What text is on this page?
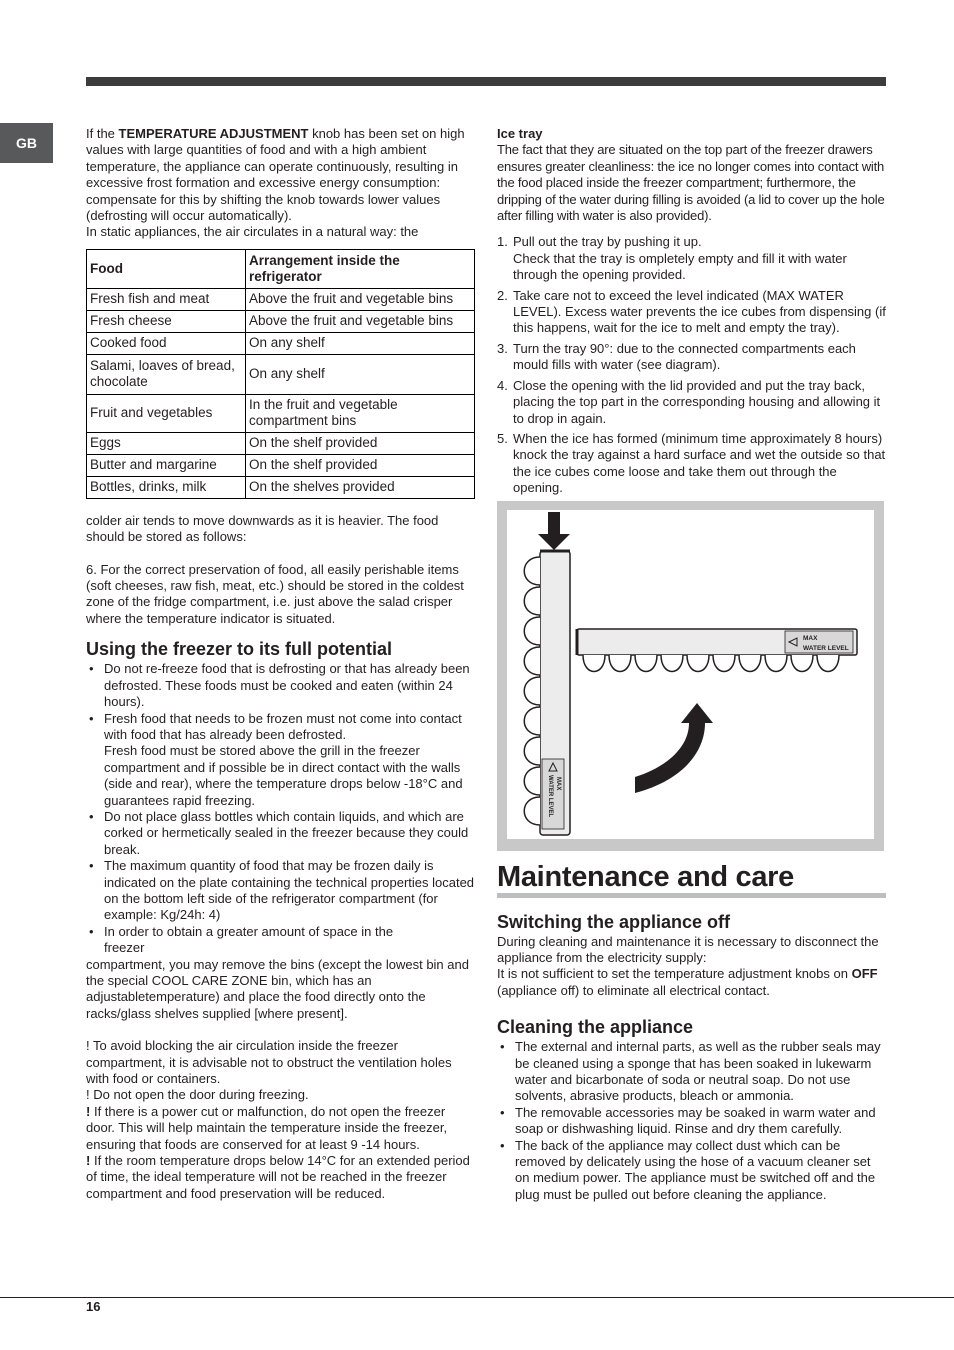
GB

If the TEMPERATURE ADJUSTMENT knob has been set on high values with large quantities of food and with a high ambient temperature, the appliance can operate continuously, resulting in excessive frost formation and excessive energy consumption: compensate for this by shifting the knob towards lower values (defrosting will occur automatically).

In static appliances, the air circulates in a natural way: the

Food	Arrangement inside the refrigerator
Fresh fish and meat	Above the fruit and vegetable bins
Fresh cheese	Above the fruit and vegetable bins
Cooked food	On any shelf
Salami, loaves of bread, chocolate	On any shelf
Fruit and vegetables	In the fruit and vegetable compartment bins
Eggs	On the shelf provided
Butter and margarine	On the shelf provided
Bottles, drinks, milk	On the shelves provided

colder air tends to move downwards as it is heavier. The food should be stored as follows:

6. For the correct preservation of food, all easily perishable items (soft cheeses, raw fish, meat, etc.) should be stored in the coldest zone of the fridge compartment, i.e. just above the salad crisper where the temperature indicator is situated.

Using the freezer to its full potential
• Do not re-freeze food that is defrosting or that has already been defrosted. These foods must be cooked and eaten (within 24 hours).
• Fresh food that needs to be frozen must not come into contact with food that has already been defrosted.
Fresh food must be stored above the grill in the freezer compartment and if possible be in direct contact with the walls (side and rear), where the temperature drops below -18°C and guarantees rapid freezing.
• Do not place glass bottles which contain liquids, and which are corked or hermetically sealed in the freezer because they could break.
• The maximum quantity of food that may be frozen daily is indicated on the plate containing the technical properties located on the bottom left side of the refrigerator compartment (for example: Kg/24h: 4)
• In order to obtain a greater amount of space in the freezer

compartment, you may remove the bins (except the lowest bin and the special COOL CARE ZONE bin, which has an adjustabletemperature) and place the food directly onto the racks/glass shelves supplied [where present].

! To avoid blocking the air circulation inside the freezer compartment, it is advisable not to obstruct the ventilation holes with food or containers.

! Do not open the door during freezing.

! If there is a power cut or malfunction, do not open the freezer door. This will help maintain the temperature inside the freezer, ensuring that foods are conserved for at least 9 -14 hours.

! If the room temperature drops below 14°C for an extended period of time, the ideal temperature will not be reached in the freezer compartment and food preservation will be reduced.

Ice tray

The fact that they are situated on the top part of the freezer drawers ensures greater cleanliness: the ice no longer comes into contact with the food placed inside the freezer compartment; furthermore, the dripping of the water during filling is avoided (a lid to cover up the hole after filling with water is also provided).

1. Pull out the tray by pushing it up.
Check that the tray is ompletely empty and fill it with water through the opening provided.
2. Take care not to exceed the level indicated (MAX WATER LEVEL). Excess water prevents the ice cubes from dispensing (if this happens, wait for the ice to melt and empty the tray).
3. Turn the tray 90°: due to the connected compartments each mould fills with water (see diagram).
4. Close the opening with the lid provided and put the tray back, placing the top part in the corresponding housing and allowing it to drop in again.
5. When the ice has formed (minimum time approximately 8 hours) knock the tray against a hard surface and wet the outside so that the ice cubes come loose and take them out through the opening.
MAX
WATER LEVEL
MAX
WATER LEVEL
Maintenance and care
Switching the appliance off

During cleaning and maintenance it is necessary to disconnect the appliance from the electricity supply:

It is not sufficient to set the temperature adjustment knobs on OFF (appliance off) to eliminate all electrical contact.

Cleaning the appliance
• The external and internal parts, as well as the rubber seals may be cleaned using a sponge that has been soaked in lukewarm water and bicarbonate of soda or neutral soap. Do not use solvents, abrasive products, bleach or ammonia.
• The removable accessories may be soaked in warm water and soap or dishwashing liquid. Rinse and dry them carefully.
• The back of the appliance may collect dust which can be removed by delicately using the hose of a vacuum cleaner set on medium power. The appliance must be switched off and the plug must be pulled out before cleaning the appliance.
16
